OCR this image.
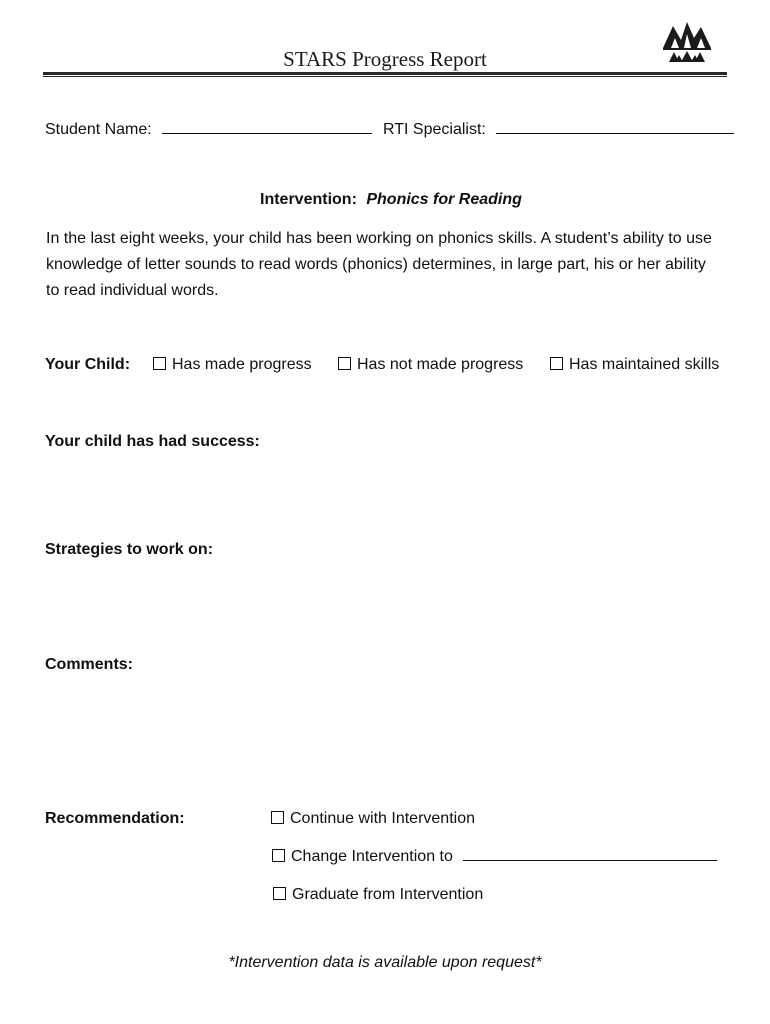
STARS Progress Report
Student Name:	RTI Specialist:
Intervention: Phonics for Reading
In the last eight weeks, your child has been working on phonics skills. A student’s ability to use
knowledge of letter sounds to read words (phonics) determines, in large part, his or her ability
to read individual words.
Your Child:	Has made progress	Has not made progress	Has maintained skills
Your child has had success:
Strategies to work on:
Comments:
Recommendation:	Continue with Intervention
Change Intervention to
Graduate from Intervention
*Intervention data is available upon request*
